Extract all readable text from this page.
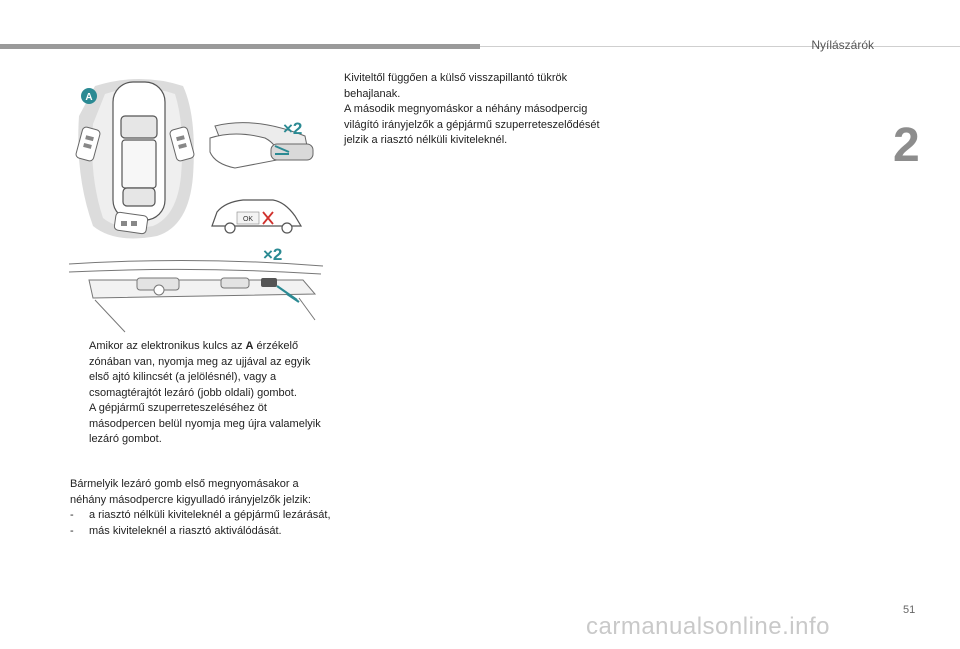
Nyílászárók
2
A
×2
OK
×2
Amikor az elektronikus kulcs az A érzékelő zónában van, nyomja meg az ujjával az egyik első ajtó kilincsét (a jelölésnél), vagy a csomagtérajtót lezáró (jobb oldali) gombot.
A gépjármű szuperreteszeléséhez öt másodpercen belül nyomja meg újra valamelyik lezáró gombot.
Bármelyik lezáró gomb első megnyomásakor a néhány másodpercre kigyulladó irányjelzők jelzik:
- a riasztó nélküli kiviteleknél a gépjármű lezárását,
- más kiviteleknél a riasztó aktiválódását.

Kiviteltől függően a külső visszapillantó tükrök behajlanak.

A második megnyomáskor a néhány másodpercig világító irányjelzők a gépjármű szuperreteszelődését jelzik a riasztó nélküli kiviteleknél.

51
carmanualsonline.info
